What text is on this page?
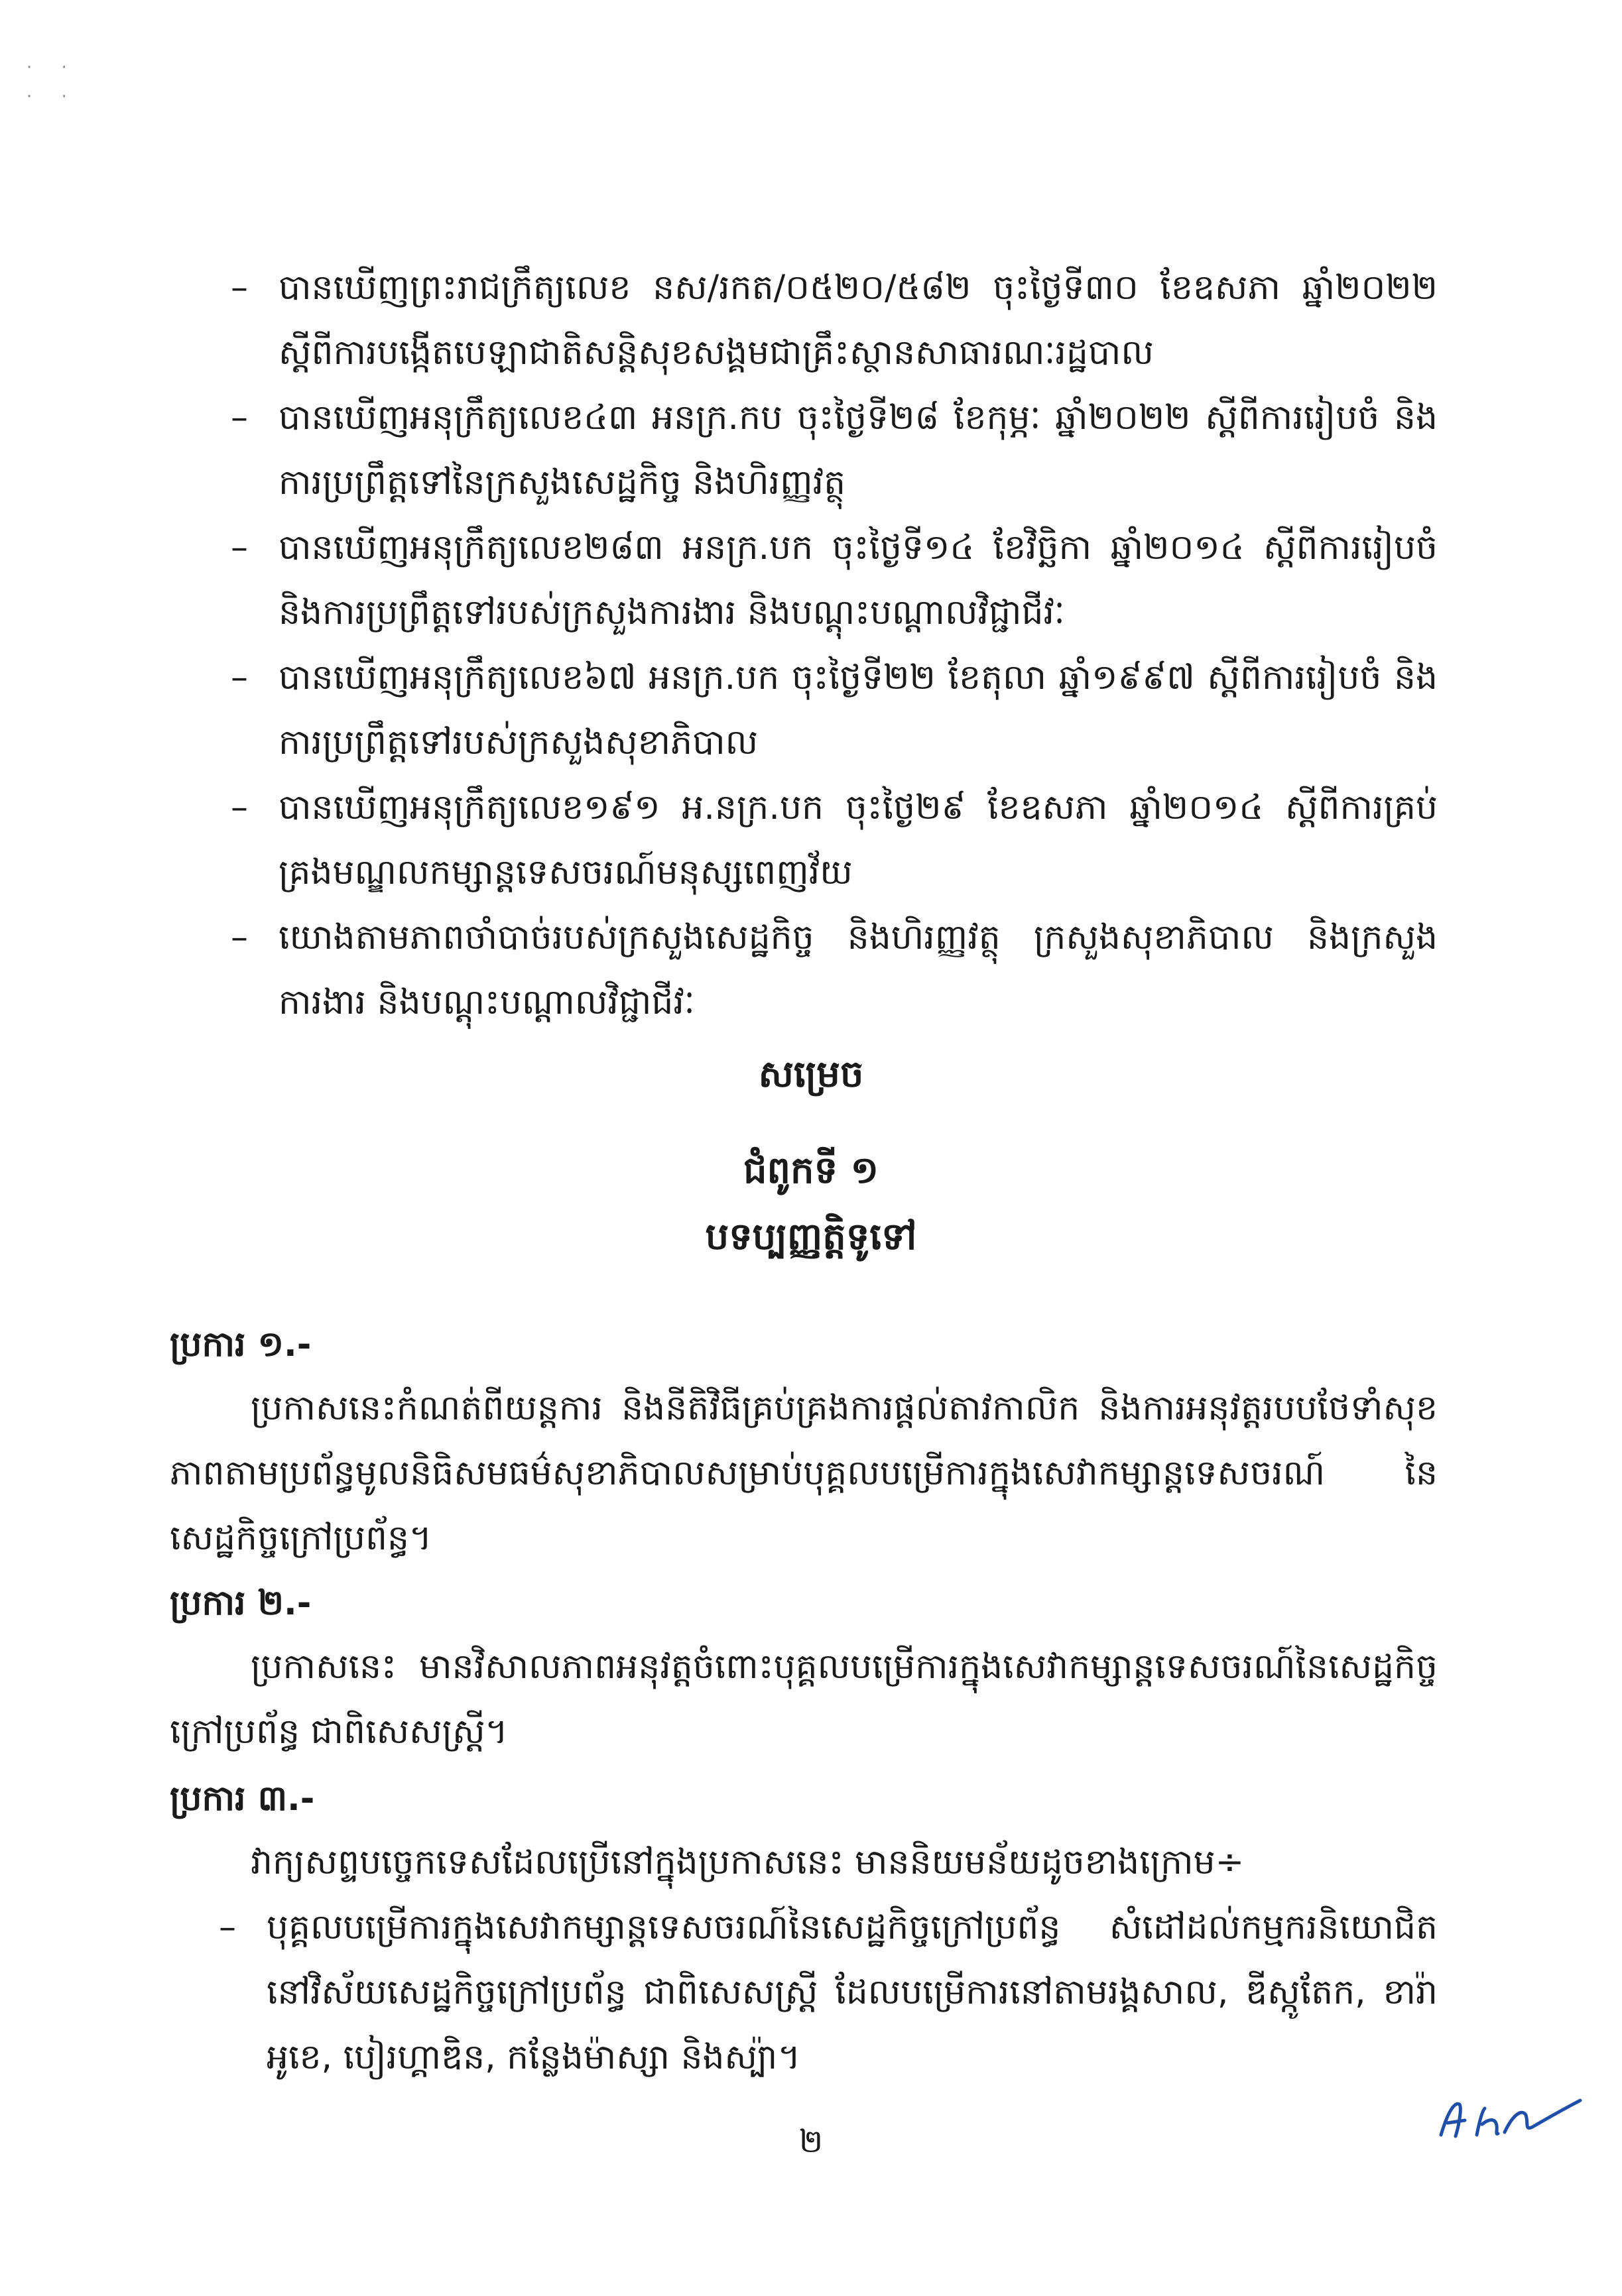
· ·
· ·
– បានឃើញព្រះរាជក្រឹត្យលេខ នស/រកត/០៥២០/៥៨២ ចុះថ្ងៃទី៣០ ខែឧសភា ឆ្នាំ២០២២ ស្ដីពីការបង្កើតបេឡាជាតិសន្តិសុខសង្គមជាគ្រឹះស្ថានសាធារណៈរដ្ឋបាល
– បានឃើញអនុក្រឹត្យលេខ៤៣ អនក្រ.កប ចុះថ្ងៃទី២៨ ខែកុម្ភៈ ឆ្នាំ២០២២ ស្ដីពីការរៀបចំ និងការប្រព្រឹត្តទៅនៃក្រសួងសេដ្ឋកិច្ច និងហិរញ្ញវត្ថុ
– បានឃើញអនុក្រឹត្យលេខ២៨៣ អនក្រ.បក ចុះថ្ងៃទី១៤ ខែវិច្ឆិកា ឆ្នាំ២០១៤ ស្ដីពីការរៀបចំ និងការប្រព្រឹត្តទៅរបស់ក្រសួងការងារ និងបណ្ដុះបណ្ដាលវិជ្ជាជីវៈ
– បានឃើញអនុក្រឹត្យលេខ៦៧ អនក្រ.បក ចុះថ្ងៃទី២២ ខែតុលា ឆ្នាំ១៩៩៧ ស្ដីពីការរៀបចំ និងការប្រព្រឹត្តទៅរបស់ក្រសួងសុខាភិបាល
– បានឃើញអនុក្រឹត្យលេខ១៩១ អ.នក្រ.បក ចុះថ្ងៃ២៩ ខែឧសភា ឆ្នាំ២០១៤ ស្ដីពីការគ្រប់គ្រងមណ្ឌលកម្សាន្តទេសចរណ៍មនុស្សពេញវ័យ
– យោងតាមភាពចាំបាច់របស់ក្រសួងសេដ្ឋកិច្ច និងហិរញ្ញវត្ថុ ក្រសួងសុខាភិបាល និងក្រសួងការងារ និងបណ្ដុះបណ្ដាលវិជ្ជាជីវៈ
សម្រេច
ជំពូកទី ១
បទប្បញ្ញត្តិទូទៅ
ប្រការ ១.-

ប្រកាសនេះកំណត់ពីយន្តការ និងនីតិវិធីគ្រប់គ្រងការផ្ដល់តាវកាលិក និងការអនុវត្តរបបថែទាំសុខភាពតាមប្រព័ន្ធមូលនិធិសមធម៌សុខាភិបាលសម្រាប់បុគ្គលបម្រើការក្នុងសេវាកម្សាន្តទេសចរណ៍ នៃសេដ្ឋកិច្ចក្រៅប្រព័ន្ធ។

ប្រការ ២.-

ប្រកាសនេះ មានវិសាលភាពអនុវត្តចំពោះបុគ្គលបម្រើការក្នុងសេវាកម្សាន្តទេសចរណ៍នៃសេដ្ឋកិច្ចក្រៅប្រព័ន្ធ ជាពិសេសស្ត្រី។

ប្រការ ៣.-

វាក្យសព្ទបច្ចេកទេសដែលប្រើនៅក្នុងប្រកាសនេះ មាននិយមន័យដូចខាងក្រោម÷

– បុគ្គលបម្រើការក្នុងសេវាកម្សាន្តទេសចរណ៍នៃសេដ្ឋកិច្ចក្រៅប្រព័ន្ធ សំដៅដល់កម្មករនិយោជិតនៅវិស័យសេដ្ឋកិច្ចក្រៅប្រព័ន្ធ ជាពិសេសស្ត្រី ដែលបម្រើការនៅតាមរង្គសាល, ឌីស្កូតែក, ខារ៉ាអូខេ, បៀរហ្គាឌិន, កន្លែងម៉ាស្សា និងស្ប៉ា។
២
